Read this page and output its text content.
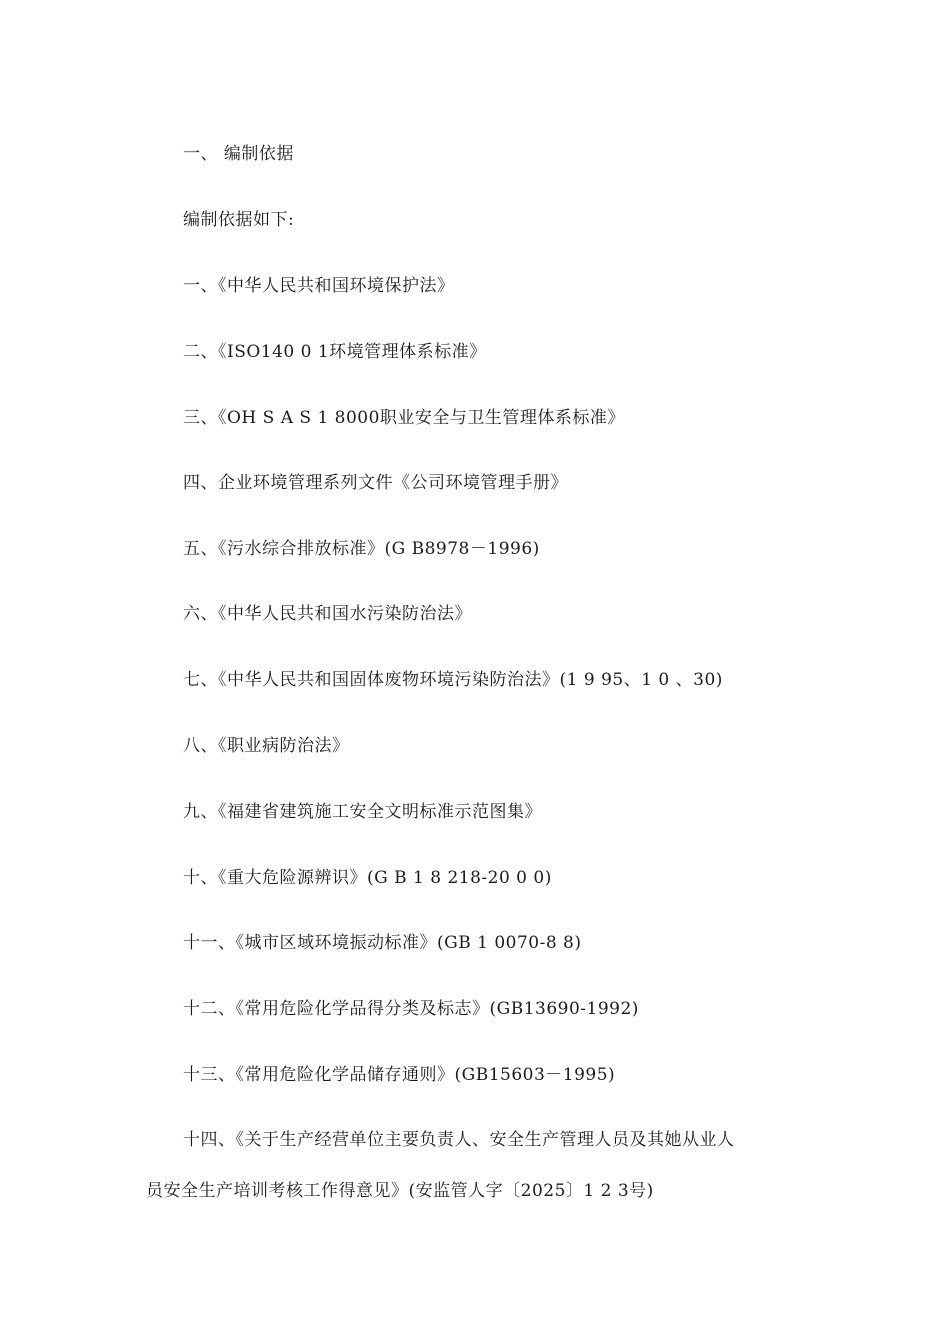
一、 编制依据
编制依据如下:
一、《中华人民共和国环境保护法》
二、《ISO140 0 1环境管理体系标准》
三、《OH S A S 1 8000职业安全与卫生管理体系标准》
四、企业环境管理系列文件《公司环境管理手册》
五、《污水综合排放标准》(G B8978－1996)
六、《中华人民共和国水污染防治法》
七、《中华人民共和国固体废物环境污染防治法》(1 9 95、1 0 、30)
八、《职业病防治法》
九、《福建省建筑施工安全文明标准示范图集》
十、《重大危险源辨识》(G B 1 8 218-20 0 0)
十一、《城市区域环境振动标准》(GB 1 0070-8 8)
十二、《常用危险化学品得分类及标志》(GB13690-1992)
十三、《常用危险化学品储存通则》(GB15603－1995)
十四、《关于生产经营单位主要负责人、安全生产管理人员及其她从业人
员安全生产培训考核工作得意见》(安监管人字〔2025〕1 2 3号)
